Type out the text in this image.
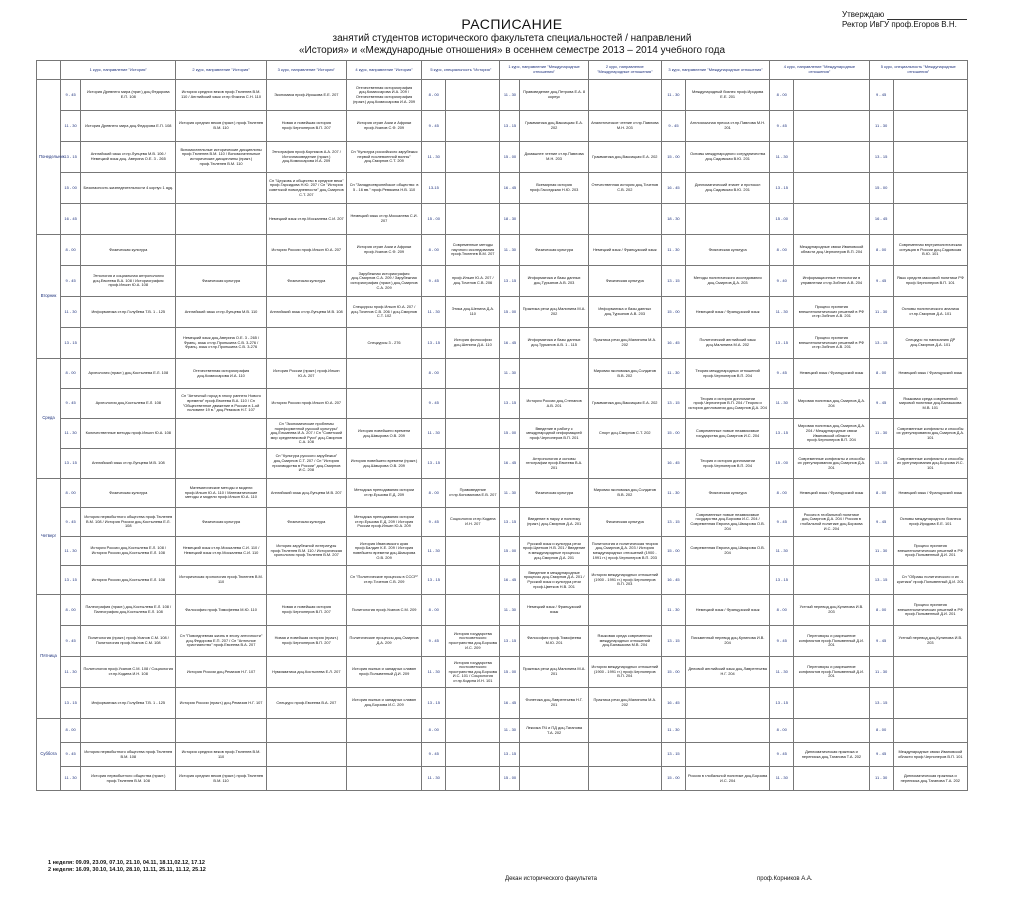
Утверждаю
Ректор ИвГУ проф.Егоров В.Н.
РАСПИСАНИЕ
занятий студентов исторического факультета специальностей / направлений
«История» и «Международные отношения» в осеннем семестре 2013 – 2014 учебного года
	1 курс, направление "История"		2 курс, направление "История"	3 курс, направление "История"	4 курс, направление "История"	5 курс, специальность "История"		1 курс, направление "Международные отношения"		2 курс, направление "Международные отношения"	3 курс, направление "Международные отношения"		4 курс, направление "Международные отношения"		5 курс, специальность "Международные отношения"	
Понедельник	9 - 45	История Древнего мира (прат.) доц.Федорова Е.П. 108	История средних веков проф.Тюленев В.М. 110 / Английский язык ст.пр.Фокина С.Н. 110	Экономика проф.Ирошова Е.Е. 207	Отечественная историография доц.Комиссарова И.А. 209 / Отечественная историография (практ.) доц.Комиссарова И.А. 209	8 - 00		11 - 30	Правоведение доц.Петрова Е.А. 8 корпус		11 - 30	Международный бизнес проф.Иродова Е.Е. 201	8 - 00		9 - 45	
	11 - 30	История Древнего мира доц.Федорова Е.П. 108	История средних веков (практ.) проф.Тюленев В.М. 110	Новая и новейшая история проф.Черноперов В.П. 207	История стран Азии и Африки проф.Усанов С.Ф. 209	9 - 45		13 - 15	Грамматика доц.Ваксицкая Е.А. 202	Аналитическое чтение ст.пр.Павлова М.Н. 203	9 - 45	Англоязычная пресса ст.пр.Павлова М.Н. 201	9 - 45		11 - 30	
	13 - 15	Английский язык ст.пр.Лупцева М.В. 106 / Немецкий язык доц. Аверина О.Е. 3 - 265	Вспомогательные исторические дисциплины проф.Тюленев В.М. 110 / Вспомогательные исторические дисциплины (практ.) проф.Тюленев В.М. 110	Этнография проф.Корников А.А. 207 / Источниковедение (практ.) доц.Комиссарова И.А. 209	Сп "Культура российского зарубежья первой послевоенной волны" доц.Смирнов С.Т. 209	11 - 30		15 - 00	Домашнее чтение ст.пр.Павлова М.Н. 203	Грамматика доц.Ваксицкая Е.А. 202	15 - 00	Основы международного сотрудничества доц.Садовская В.Ю. 201	11 - 30		13 - 15	
	15 - 00	Безопасность жизнедеятельности 4 корпус 1 ауд.		Сп "Церковь и общество в средние века" проф.Гарсидова Н.Ю. 207 / Сп "История советской повседневности" доц.Смирнов С.Т. 207	Сп "Западноевропейское общество: в 5 - 16 вв." проф.Ревякина Н.В. 110	13-15		16 - 45	Всемирная история проф.Гасседская Н.Ю. 203	Отечественная история доц.Точенов С.В. 202	16 - 45	Дипломатический этикет и протокол доц.Садовская В.Ю. 201	13 - 15		15 - 00	
	16 - 45			Немецкий язык ст.пр.Москалева С.И. 207	Немецкий язык ст.пр.Москалева С.И. 207	15 - 00		18 - 30			18 - 30		15 - 00		16 - 45	
Вторник	8 - 00	Физическая культура		История России проф.Ильин Ю.А. 207	История стран Азии и Африки проф.Усанов С.Ф. 209	8 - 00	Современные методы научного исследования проф.Тюленев В.М. 207	11 - 30	Физическая культура	Немецкий язык / Французский язык	11 - 30	Физическая культура	8 - 00	Международные связи Ивановской области доц.Черноперов В.П. 204	8 - 00	Современная внутриполитическая ситуация в России доц.Садовская В.Ю. 101
	9 - 45	Этнология и социальная антропология доц.Евсеева В.А. 108 / Историография проф.Ильин Ю.А. 108	Физическая культура	Физическая культура	Зарубежная историография доц.Смирнов С.А. 209 / Зарубежная историография (практ.) доц.Смирнов С.А. 209	9 - 45	проф.Ильин Ю.А. 207 / доц.Точенов С.В. 206	13 - 15	Информатика и базы данных доц.Турьянов А.В. 203	Физическая культура	13 - 15	Методы политического исследования доц.Смирнов Д.А. 203	9 - 40	Информационные технологии в управлении ст.пр.Зобнин А.В. 204	9 - 45	Язык средств массовой политики РФ проф.Черноперов В.П. 101
	11 - 30	Информатика ст.пр.Голубева Т.В. 1 - 125	Английский язык ст.пр.Лупцева М.В. 110	Английский язык ст.пр.Лупцева М.В. 108	Спецкурсы проф.Ильин Ю.А. 207 / доц.Точенов С.В. 206 / доц.Смирнов С.Т. 102	11 - 30	Этика доц.Шенина Д.А. 110	15 - 00	Практика речи доц.Малинина М.А. 202	Информатика и базы данных доц.Турьянов А.В. 203	15 - 00	Немецкий язык / Французский язык	11 - 30	Процесс принятия внешнеполитических решений в РФ ст.пр.Зобнин А.В. 201	11 - 30	Основы политического анализа ст.пр.Смирнов Д.А. 101
	13 - 15		Немецкий язык доц.Аверина О.Е. 3 - 265 / Франц. язык ст.пр.Пронькина С.В. 3-276 / Франц. язык ст.пр.Пронькина С.В. 3-276		Спецкурсы 3 - 276	13 - 15	История философии доц.Шенина Д.А. 110	16 - 45	Информатика и базы данных доц.Турьянов А.В. 1 - 115	Практика речи доц.Малинина М.А. 202	16 - 45	Политический английский язык доц.Малинина М.А. 202	13 - 15	Процесс принятия внешнеполитических решений в РФ ст.пр.Зобнин А.В. 201	13 - 15	Спецкурс по написанию ДР доц.Смирнов Д.А. 101
Среда	8 - 00	Археология (практ.) доц.Костылева Е.Л. 108	Отечественная историография доц.Комиссарова И.А. 110	История России (практ.) проф.Ильин Ю.А. 207		8 - 00		11 - 30		Мировая экономика доц.Солдатов В.В. 202	11 - 30	Теория международных отношений проф.Черноперов В.П. 204	9 - 45	Немецкий язык / Французский язык	8 - 00	Немецкий язык / Французский язык
	9 - 45	Археология доц.Костылева Е.Л. 108	Сп "Античный город в эпоху раннего Нового времени" проф.Евсеева В.А. 110 / Сп "Общественное движение в России в 1-ой половине 19 в." доц.Ремизов Н.Г. 107	История России проф.Ильин Ю.А. 207		9 - 45		13 - 15	История России доц.Степанов А.В. 201	Грамматика доц.Ваксицкая Е.А. 202	13 - 15	Теория и история дипломатии проф.Черноперов В.П. 204 / Теория и история дипломатии доц.Смирнов Д.А. 204	11 - 30	Мировая политика доц.Смирнов Д.А. 204	9 - 45	Языковая среда современной мировой политики доц.Балашкова М.В. 101
	11 - 30	Количественные методы проф.Ильин Ю.А. 108		Сп "Экономические проблемы пореформенной русской культуры" доц.Ельмеева И.А. 207 / Сп "Советский мир средневековой Руси" доц.Смирнов С.А. 108	История новейшего времени доц.Шмырова О.В. 209	11 - 30		15 - 00	Введение в работу с международной информацией проф.Черноперов В.П. 201	Спорт доц.Смирнов С.Т. 202	15 - 00	Современные новые независимые государства доц.Смирнов И.С. 204	13 - 15	Мировая политика доц.Смирнов Д.А. 204 / Международные связи Ивановской области проф.Черноперов В.П. 204	11 - 30	Современные конфликты и способы их урегулирования доц.Смирнов Д.А. 101
	13 - 15	Английский язык ст.пр.Лупцева М.В. 108		Сп "Культура русского зарубежья" доц.Смирнов С.Т. 207 / Сп "История производства в России" доц.Смирнов И.С. 208	История новейшего времени (практ.) доц.Шмырова О.В. 209	13 - 15		16 - 45	Антропология и основы этнографии проф.Евсеева В.А. 201		16 - 45	Теория и история дипломатии проф.Черноперов В.П. 204	15 - 00	Современные конфликты и способы их урегулирования доц.Смирнов Д.А. 201	13 - 15	Современные конфликты и способы их урегулирования доц.Борзова И.С. 101
Четверг	8 - 00	Физическая культура	Математические методы и модели проф.Ильин Ю.А. 110 / Математические методы и модели проф.Ильин Ю.А. 110	Английский язык доц.Лупцева М.В. 207	Методика преподавания истории ст.пр.Ершова Е.Д. 209	8 - 00	Правоведение ст.пр.Коновалова Е.В. 207	11 - 30	Физическая культура	Мировая экономика доц.Солдатов В.В. 202	11 - 30	Физическая культура	8 - 00	Немецкий язык / Французский язык	8 - 00	Немецкий язык / Французский язык
	9 - 45	История первобытного общества проф.Тюленев В.М. 108 / История России доц.Костылева Е.Л. 108	Физическая культура	Физическая культура	Методика преподавания истории ст.пр.Ершова Е.Д. 209 / История России проф.Ильин Ю.А. 209	9 - 45	Социология ст.пр.Кодина И.Н. 207	13 - 15	Введение в науку и политику (практ.) доц.Смирнов Д.А. 201	Физическая культура	13 - 15	Современные новые независимые государства доц.Борзова И.С. 204 / Современная Европа доц.Шмырова О.В. 204	9 - 45	Россия в глобальной политике доц.Смирнов Д.А. 204 / Россия в глобальной политике доц.Борзова И.С. 204	9 - 45	Основы международного бизнеса проф.Иродова Е.Е. 101
	11 - 30	История России доц.Костылева Е.Л. 108 / История России доц.Костылева Е.Л. 108	Немецкий язык ст.пр.Москалева С.И. 110 / Немецкий язык ст.пр.Москалева С.И. 110	История зарубежной литературы проф.Тюленев В.М. 110 / Историческая хронология проф.Тюленев В.М. 207	История Ивановского края проф.Балдин К.Е. 209 / История новейшего времени доц.Шмырова О.В. 209	11 - 30		15 - 00	Русский язык и культура речи проф.Цветков Н.В. 201 / Введение в международные процессы доц.Смирнов Д.А. 201	Политология и политическая теория доц.Смирнов Д.А. 203 / История международных отношений (1900 - 1991 гг.) проф.Черноперов В.П. 203	15 - 00	Современная Европа доц.Шмырова О.В. 204	11 - 30		11 - 30	Процесс принятия внешнеполитических решений в РФ проф.Полывенный Д.И. 201
	13 - 15	История России доц.Костылева Е.Л. 108	Историческая хронология проф.Тюленев В.М. 110		Сп "Политические процессы в СССР" ст.пр.Точенов С.В. 209	13 - 15		16 - 45	Введение в международные процессы доц.Смирнов Д.А. 201 / Русский язык и культура речи проф.Цветков Н.В. 201	История международных отношений (1900 - 1991 гг.) проф.Черноперов В.П. 203	16 - 45		13 - 15		13 - 15	Сп "Образы политического и их критика" проф.Полывенный Д.И. 201
Пятница	8 - 00	Палеография (практ.) доц.Костылева Е.Л. 108 / Палеография доц.Костылева Е.Л. 108	Философия проф.Тимофеева М.Ю. 110	Новая и новейшая история проф.Черноперов В.П. 207	Политология проф.Усанов С.М. 209	8 - 00		11 - 30	Немецкий язык / Французский язык		11 - 30	Немецкий язык / Французский язык	8 - 00	Устный перевод доц.Кулинова И.В. 203	8 - 00	Процесс принятия внешнеполитических решений в РФ проф.Полывенный Д.И. 201
	9 - 45	Политология (практ.) проф.Усанов С.М. 108 / Политология проф.Усанов С.М. 108	Сп "Повседневная жизнь в эпоху античности" доц.Федорова Е.П. 207 / Сп "Античное христианство" проф.Евсеева В.А. 207	Новая и новейшая история (практ.) проф.Черноперов В.П. 207	Политические процессы доц.Смирнов Д.А. 209	9 - 45	История государства постсоветского пространства доц.Борзова И.С. 209	13 - 15	Философия проф.Тимофеева М.Ю. 201	Языковая среда современных международных отношений доц.Балашкова М.В. 204	13 - 15	Письменный перевод доц.Кулинова И.В. 204	9 - 45	Переговоры и разрешение конфликтов проф.Полывенный Д.И. 201	9 - 45	Устный перевод доц.Кулинова И.В. 203
	11 - 30	Политология проф.Усанов С.М. 108 / Социология ст.пр.Кодина И.Н. 108	История России доц.Ремизов Н.Г. 107	Нумизматика доц.Костылева Е.Л. 207	История южных и западных славян проф.Полывенный Д.И. 209	11 - 30	История государства постсоветского пространства доц.Борзова И.С. 101 / Социология ст.пр.Кодина И.Н. 101	15 - 00	Практика речи доц.Малинина М.А. 201	История международных отношений (1900 - 1991 гг.) проф.Черноперов В.П. 204	15 - 00	Деловой английский язык доц.Лаврентьева Н.Г. 204	11 - 30	Переговоры и разрешение конфликтов проф.Полывенный Д.И. 201	11 - 30	
	13 - 15	Информатика ст.пр.Голубева Т.В. 1 - 125	История России (практ.) доц.Ремизов Н.Г. 107	Спецкурс проф.Евсеева В.А. 207	История южных и западных славян доц.Борзова И.С. 209	13 - 15		16 - 45	Фонетика доц.Лаврентьева Н.Г. 201	Практика речи доц.Малинина М.А. 202	16 - 45		13 - 15		13 - 15	
Суббота	8 - 00					8 - 00		11 - 30	Лексика ПЧ и ПД доц.Таганова Т.А. 202		11 - 30		8 - 00		8 - 00	
	9 - 45	История первобытного общества проф.Тюленев В.М. 108	История средних веков проф.Тюленев В.М. 110			9 - 45		13 - 15			13 - 15		9 - 45	Дипломатическая практика и переписка доц.Таганова Т.А. 202	9 - 45	Международные связи Ивановской области проф.Черноперов В.П. 101
	11 - 30	История первобытного общества (практ.) проф.Тюленев В.М. 108	История средних веков (практ.) проф.Тюленев В.М. 110			11 - 30		15 - 00			15 - 00	Россия в глобальной политике доц.Борзова И.С. 204	11 - 30		11 - 30	Дипломатическая практика и переписка доц.Таганова Т.А. 202
1 неделя: 09.09, 23.09, 07.10, 21.10, 04.11, 18.11,02.12, 17.12
2 неделя: 16.09, 30.10, 14.10, 28.10, 11.11, 25.11, 11.12, 25.12
Декан исторического факультета	проф.Корников А.А.
